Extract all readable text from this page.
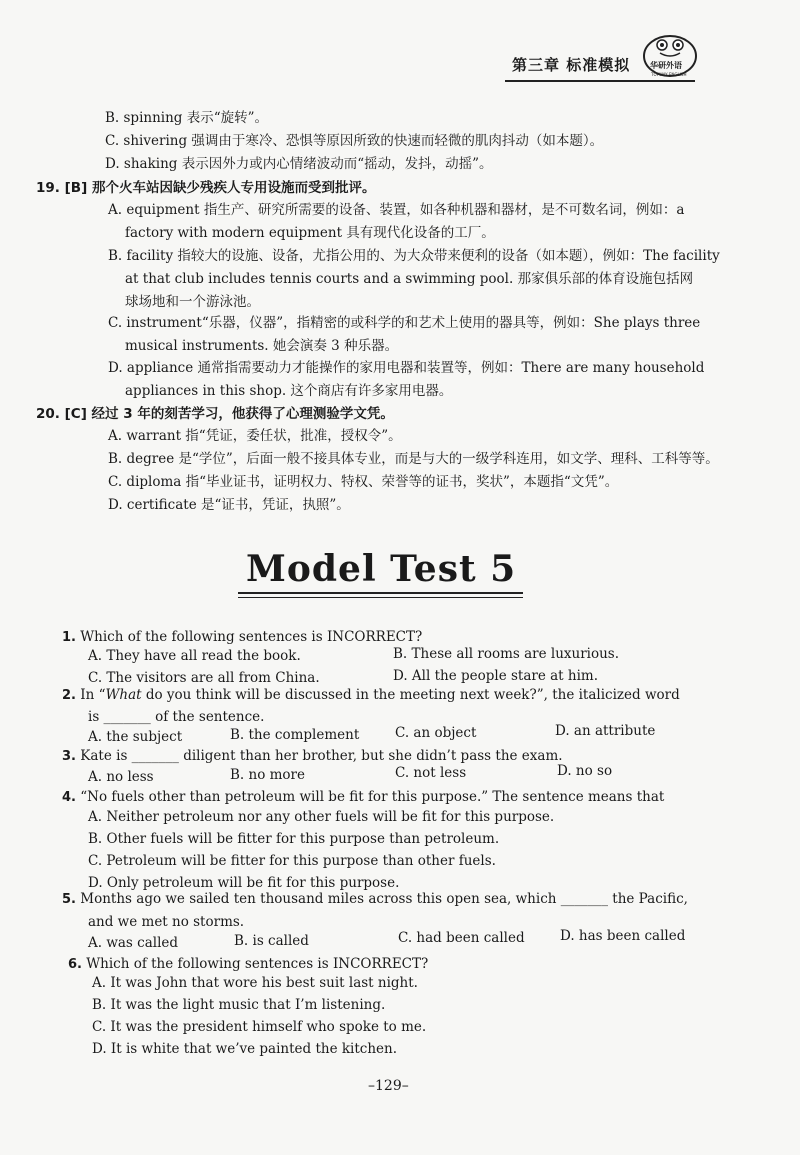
第三章 标准模拟 华研外语
TOPWAY ENGLISH
B. spinning 表示“旋转”。
C. shivering 强调由于寒冷、恐惧等原因所致的快速而轻微的肌肉抖动（如本题）。
D. shaking 表示因外力或内心情绪波动而“摇动，发抖，动摇”。
19. [B] 那个火车站因缺少残疾人专用设施而受到批评。
A. equipment 指生产、研究所需要的设备、装置，如各种机器和器材，是不可数名词，例如：a
factory with modern equipment 具有现代化设备的工厂。
B. facility 指较大的设施、设备，尤指公用的、为大众带来便利的设备（如本题），例如：The facility
at that club includes tennis courts and a swimming pool. 那家俱乐部的体育设施包括网
球场地和一个游泳池。
C. instrument“乐器，仪器”，指精密的或科学的和艺术上使用的器具等，例如：She plays three
musical instruments. 她会演奏 3 种乐器。
D. appliance 通常指需要动力才能操作的家用电器和装置等，例如：There are many household
appliances in this shop. 这个商店有许多家用电器。
20. [C] 经过 3 年的刻苦学习，他获得了心理测验学文凭。
A. warrant 指“凭证，委任状，批准，授权令”。
B. degree 是“学位”，后面一般不接具体专业，而是与大的一级学科连用，如文学、理科、工科等等。
C. diploma 指“毕业证书，证明权力、特权、荣誉等的证书，奖状”，本题指“文凭”。
D. certificate 是“证书，凭证，执照”。
Model Test 5
1. Which of the following sentences is INCORRECT?
A. They have all read the book.	B. These all rooms are luxurious.
C. The visitors are all from China.	D. All the people stare at him.
2. In “What do you think will be discussed in the meeting next week?”, the italicized word
is _______ of the sentence.
A. the subject	B. the complement	C. an object	D. an attribute
3. Kate is _______ diligent than her brother, but she didn’t pass the exam.
A. no less	B. no more	C. not less	D. no so
4. “No fuels other than petroleum will be fit for this purpose.” The sentence means that
A. Neither petroleum nor any other fuels will be fit for this purpose.
B. Other fuels will be fitter for this purpose than petroleum.
C. Petroleum will be fitter for this purpose than other fuels.
D. Only petroleum will be fit for this purpose.
5. Months ago we sailed ten thousand miles across this open sea, which _______ the Pacific,
and we met no storms.
A. was called	B. is called	C. had been called	D. has been called
6. Which of the following sentences is INCORRECT?
A. It was John that wore his best suit last night.
B. It was the light music that I’m listening.
C. It was the president himself who spoke to me.
D. It is white that we’ve painted the kitchen.
–129–
